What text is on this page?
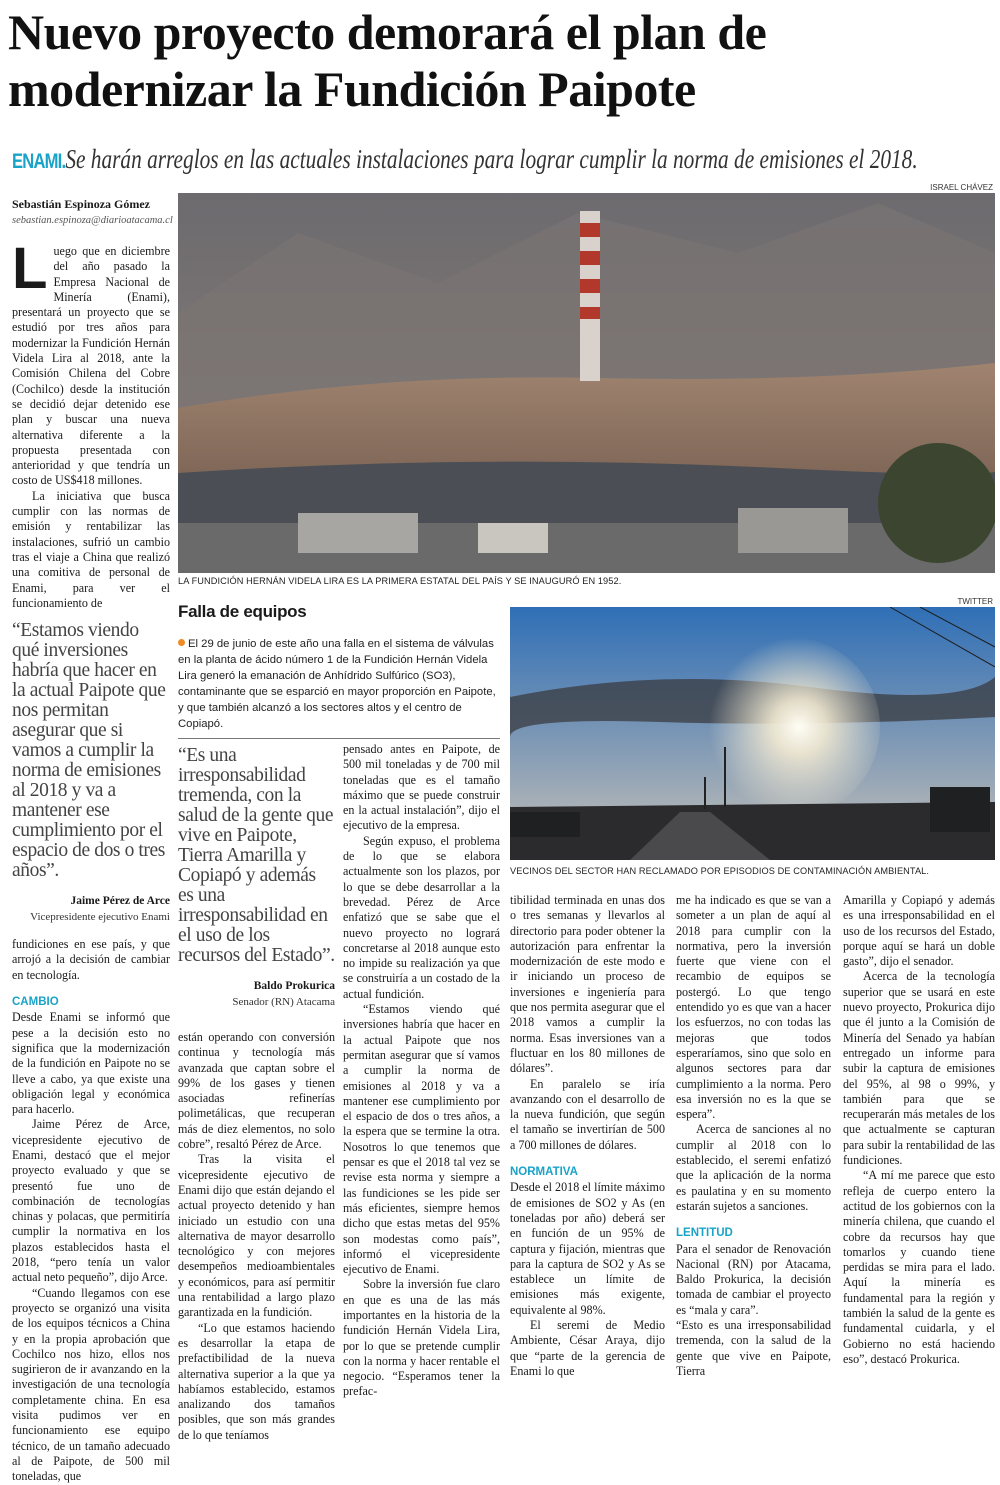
Nuevo proyecto demorará el plan de
modernizar la Fundición Paipote
ENAMI.Se harán arreglos en las actuales instalaciones para lograr cumplir la norma de emisiones el 2018.
Sebastián Espinoza Gómez
sebastian.espinoza@diarioatacama.cl
ISRAEL CHÁVEZ
LA FUNDICIÓN HERNÁN VIDELA LIRA ES LA PRIMERA ESTATAL DEL PAÍS Y SE INAUGURÓ EN 1952.

Luego que en diciembre del año pasado la Empresa Nacional de Minería (Enami), presentará un proyecto que se estudió por tres años para modernizar la Fundición Hernán Videla Lira al 2018, ante la Comisión Chilena del Cobre (Cochilco) desde la institución se decidió dejar detenido ese plan y buscar una nueva alternativa diferente a la propuesta presentada con anterioridad y que tendría un costo de US$418 millones.

La iniciativa que busca cumplir con las normas de emisión y rentabilizar las instalaciones, sufrió un cambio tras el viaje a China que realizó una comitiva de personal de Enami, para ver el funcionamiento de

“Estamos viendo qué inversiones habría que hacer en la actual Paipote que nos permitan asegurar que si vamos a cumplir la norma de emisiones al 2018 y va a mantener ese cumplimiento por el espacio de dos o tres años”.
Jaime Pérez de Arce
Vicepresidente ejecutivo Enami

fundiciones en ese país, y que arrojó a la decisión de cambiar en tecnología.

CAMBIO

Desde Enami se informó que pese a la decisión esto no significa que la modernización de la fundición en Paipote no se lleve a cabo, ya que existe una obligación legal y económica para hacerlo.

Jaime Pérez de Arce, vicepresidente ejecutivo de Enami, destacó que el mejor proyecto evaluado y que se presentó fue uno de combinación de tecnologías chinas y polacas, que permitiría cumplir la normativa en los plazos establecidos hasta el 2018, “pero tenía un valor actual neto pequeño”, dijo Arce.

“Cuando llegamos con ese proyecto se organizó una visita de los equipos técnicos a China y en la propia aprobación que Cochilco nos hizo, ellos nos sugirieron de ir avanzando en la investigación de una tecnología completamente china. En esa visita pudimos ver en funcionamiento ese equipo técnico, de un tamaño adecuado al de Paipote, de 500 mil toneladas, que

Falla de equipos
El 29 de junio de este año una falla en el sistema de válvulas en la planta de ácido número 1 de la Fundición Hernán Videla Lira generó la emanación de Anhídrido Sulfúrico (SO3), contaminante que se esparció en mayor proporción en Paipote, y que también alcanzó a los sectores altos y el centro de Copiapó.
“Es una irresponsabilidad tremenda, con la salud de la gente que vive en Paipote, Tierra Amarilla y Copiapó y además es una irresponsabilidad en el uso de los recursos del Estado”.
Baldo Prokurica
Senador (RN) Atacama

están operando con conversión continua y tecnología más avanzada que captan sobre el 99% de los gases y tienen asociadas refinerías polimetálicas, que recuperan más de diez elementos, no solo cobre”, resaltó Pérez de Arce.

Tras la visita el vicepresidente ejecutivo de Enami dijo que están dejando el actual proyecto detenido y han iniciado un estudio con una alternativa de mayor desarrollo tecnológico y con mejores desempeños medioambientales y económicos, para así permitir una rentabilidad a largo plazo garantizada en la fundición.

“Lo que estamos haciendo es desarrollar la etapa de prefactibilidad de la nueva alternativa superior a la que ya habíamos establecido, estamos analizando dos tamaños posibles, que son más grandes de lo que teníamos

pensado antes en Paipote, de 500 mil toneladas y de 700 mil toneladas que es el tamaño máximo que se puede construir en la actual instalación”, dijo el ejecutivo de la empresa.

Según expuso, el problema de lo que se elabora actualmente son los plazos, por lo que se debe desarrollar a la brevedad. Pérez de Arce enfatizó que se sabe que el nuevo proyecto no logrará concretarse al 2018 aunque esto no impide su realización ya que se construiría a un costado de la actual fundición.

“Estamos viendo qué inversiones habría que hacer en la actual Paipote que nos permitan asegurar que sí vamos a cumplir la norma de emisiones al 2018 y va a mantener ese cumplimiento por el espacio de dos o tres años, a la espera que se termine la otra. Nosotros lo que tenemos que pensar es que el 2018 tal vez se revise esta norma y siempre a las fundiciones se les pide ser más eficientes, siempre hemos dicho que estas metas del 95% son modestas como país”, informó el vicepresidente ejecutivo de Enami.

Sobre la inversión fue claro en que es una de las más importantes en la historia de la fundición Hernán Videla Lira, por lo que se pretende cumplir con la norma y hacer rentable el negocio. “Esperamos tener la prefac-

TWITTER
VECINOS DEL SECTOR HAN RECLAMADO POR EPISODIOS DE CONTAMINACIÓN AMBIENTAL.

tibilidad terminada en unas dos o tres semanas y llevarlos al directorio para poder obtener la autorización para enfrentar la modernización de este modo e ir iniciando un proceso de inversiones e ingeniería para que nos permita asegurar que el 2018 vamos a cumplir la norma. Esas inversiones van a fluctuar en los 80 millones de dólares”.

En paralelo se iría avanzando con el desarrollo de la nueva fundición, que según el tamaño se invertirían de 500 a 700 millones de dólares.

NORMATIVA

Desde el 2018 el límite máximo de emisiones de SO2 y As (en toneladas por año) deberá ser en función de un 95% de captura y fijación, mientras que para la captura de SO2 y As se establece un límite de emisiones más exigente, equivalente al 98%.

El seremi de Medio Ambiente, César Araya, dijo que “parte de la gerencia de Enami lo que

me ha indicado es que se van a someter a un plan de aquí al 2018 para cumplir con la normativa, pero la inversión fuerte que viene con el recambio de equipos se postergó. Lo que tengo entendido yo es que van a hacer los esfuerzos, no con todas las mejoras que todos esperaríamos, sino que solo en algunos sectores para dar cumplimiento a la norma. Pero esa inversión no es la que se espera”.

Acerca de sanciones al no cumplir al 2018 con lo establecido, el seremi enfatizó que la aplicación de la norma es paulatina y en su momento estarán sujetos a sanciones.

LENTITUD

Para el senador de Renovación Nacional (RN) por Atacama, Baldo Prokurica, la decisión tomada de cambiar el proyecto es “mala y cara”.

“Esto es una irresponsabilidad tremenda, con la salud de la gente que vive en Paipote, Tierra

Amarilla y Copiapó y además es una irresponsabilidad en el uso de los recursos del Estado, porque aquí se hará un doble gasto”, dijo el senador.

Acerca de la tecnología superior que se usará en este nuevo proyecto, Prokurica dijo que él junto a la Comisión de Minería del Senado ya habían entregado un informe para subir la captura de emisiones del 95%, al 98 o 99%, y también para que se recuperarán más metales de los que actualmente se capturan para subir la rentabilidad de las fundiciones.

“A mí me parece que esto refleja de cuerpo entero la actitud de los gobiernos con la minería chilena, que cuando el cobre da recursos hay que tomarlos y cuando tiene perdidas se mira para el lado. Aquí la minería es fundamental para la región y también la salud de la gente es fundamental cuidarla, y el Gobierno no está haciendo eso”, destacó Prokurica.
